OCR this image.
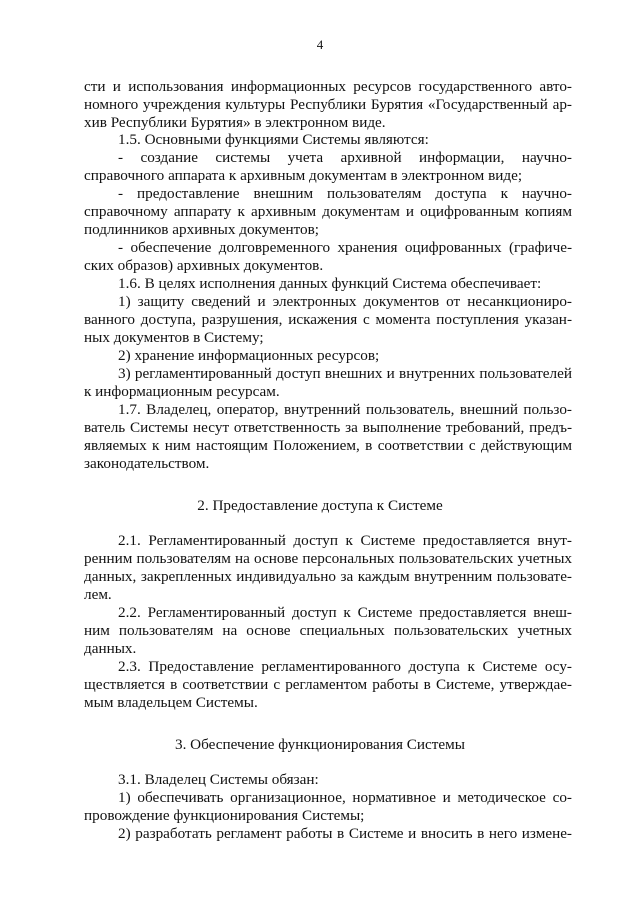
4
сти и использования информационных ресурсов государственного авто-
номного учреждения культуры Республики Бурятия «Государственный ар-
хив Республики Бурятия» в электронном виде.
1.5. Основными функциями Системы являются:
- создание системы учета архивной информации, научно-
справочного аппарата к архивным документам в электронном виде;
- предоставление внешним пользователям доступа к научно-
справочному аппарату к архивным документам и оцифрованным копиям
подлинников архивных документов;
- обеспечение долговременного хранения оцифрованных (графиче-
ских образов) архивных документов.
1.6. В целях исполнения данных функций Система обеспечивает:
1) защиту сведений и электронных документов от несанкциониро-
ванного доступа, разрушения, искажения с момента поступления указан-
ных документов в Систему;
2) хранение информационных ресурсов;
3) регламентированный доступ внешних и внутренних пользователей
к информационным ресурсам.
1.7. Владелец, оператор, внутренний пользователь, внешний пользо-
ватель Системы несут ответственность за выполнение требований, предъ-
являемых к ним настоящим Положением, в соответствии с действующим
законодательством.
2. Предоставление доступа к Системе
2.1. Регламентированный доступ к Системе предоставляется внут-
ренним пользователям на основе персональных пользовательских учетных
данных, закрепленных индивидуально за каждым внутренним пользовате-
лем.
2.2. Регламентированный доступ к Системе предоставляется внеш-
ним пользователям на основе специальных пользовательских учетных
данных.
2.3. Предоставление регламентированного доступа к Системе осу-
ществляется в соответствии с регламентом работы в Системе, утверждае-
мым владельцем Системы.
3. Обеспечение функционирования Системы
3.1. Владелец Системы обязан:
1) обеспечивать организационное, нормативное и методическое со-
провождение функционирования Системы;
2) разработать регламент работы в Системе и вносить в него измене-
